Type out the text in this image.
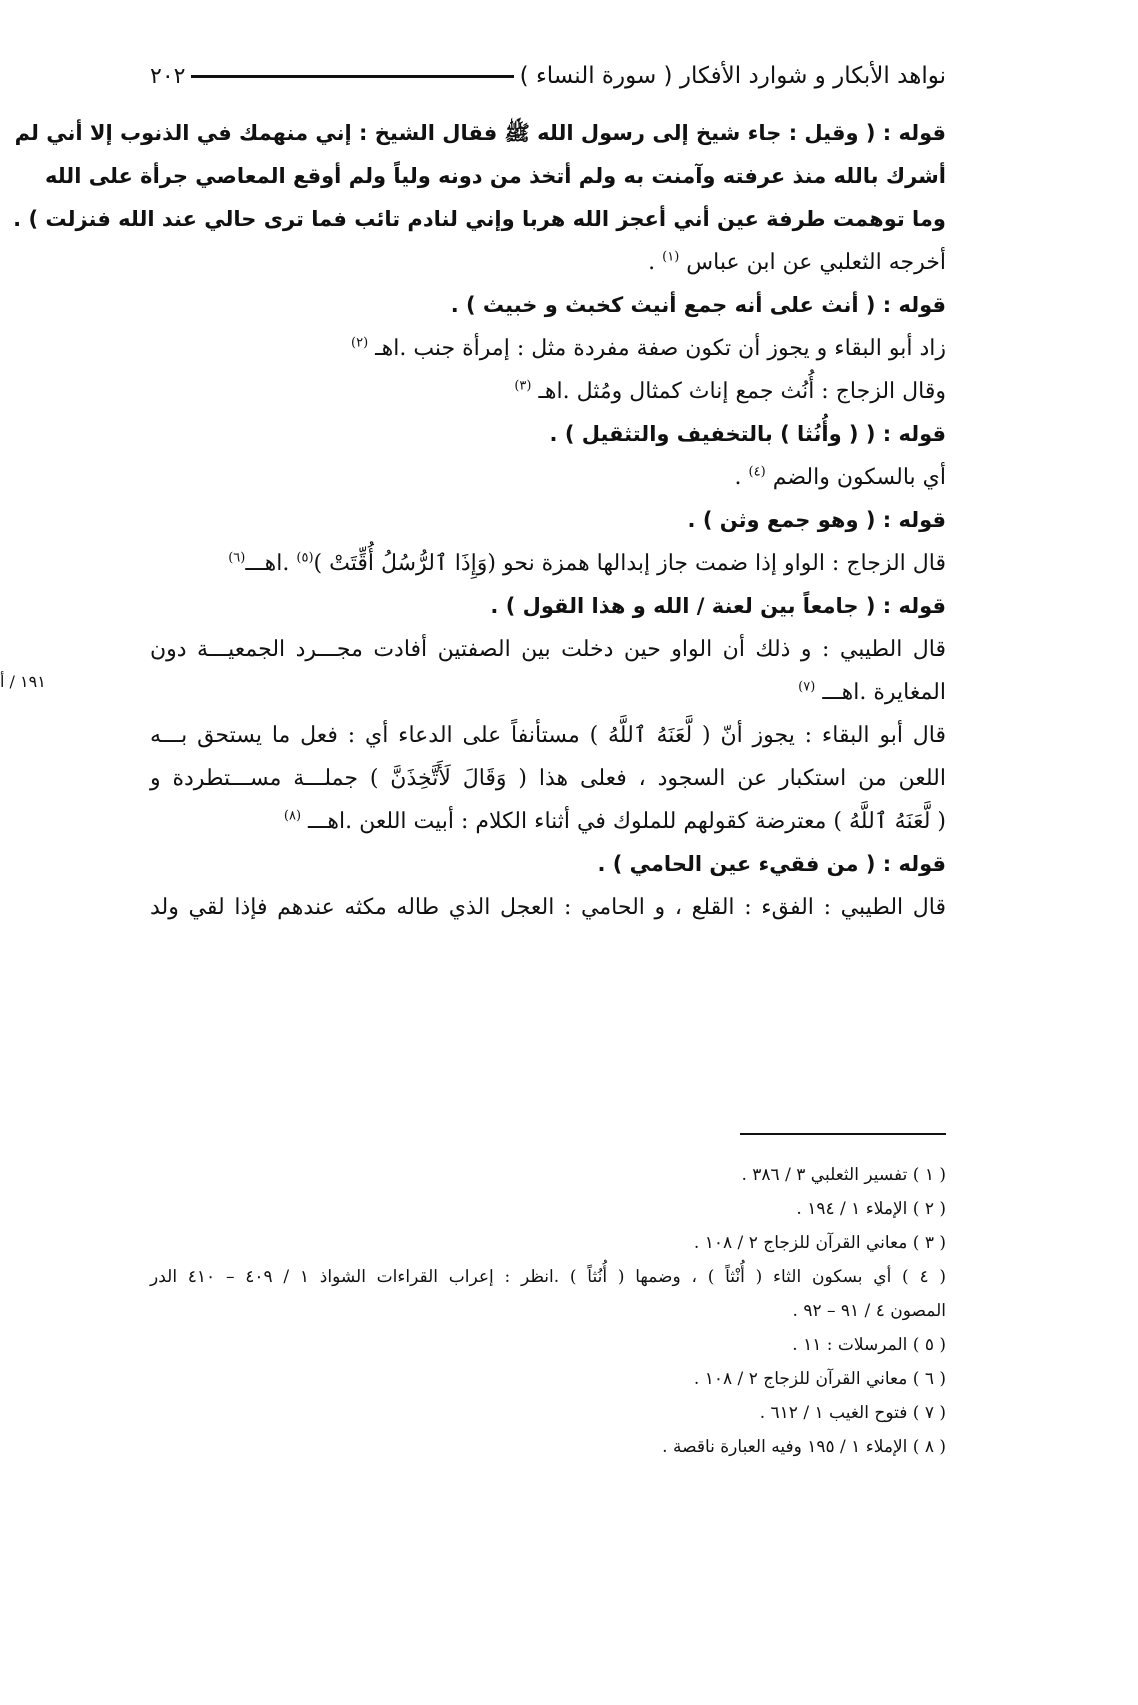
نواهد الأبكار و شوارد الأفكار ( سورة النساء )
٢٠٢
١٩١ / أ
قوله : ( وقيل : جاء شيخ إلى رسول الله ﷺ فقال الشيخ : إني منهمك في الذنوب إلا أني لم
أشرك بالله منذ عرفته وآمنت به ولم أتخذ من دونه ولياً ولم أوقع المعاصي جرأة على الله
وما توهمت طرفة عين أني أعجز الله هربا وإني لنادم تائب فما ترى حالي عند الله فنزلت ) .
أخرجه الثعلبي عن ابن عباس $^{(١)}$ .
قوله : ( أنث على أنه جمع أنيث كخبث و خبيث ) .
زاد أبو البقاء و يجوز أن تكون صفة مفردة مثل : إمرأة جنب .اهـ $^{(٢)}$
وقال الزجاج : أُنُث جمع إناث كمثال ومُثل .اهـ $^{(٣)}$
قوله : ( ( وأُنُثا ) بالتخفيف والتثقيل ) .
أي بالسكون والضم $^{(٤)}$ .
قوله : ( وهو جمع وثن ) .
قال الزجاج : الواو إذا ضمت جاز إبدالها همزة نحو (وَإِذَا ٱلرُّسُلُ أُقِّتَتْ )$^{(٥)}$ .اهـــ$^{(٦)}$
قوله : ( جامعاً بين لعنة / الله و هذا القول ) .
قال الطيبي : و ذلك أن الواو حين دخلت بين الصفتين أفادت مجـــرد الجمعيـــة دون
المغايرة .اهـــ $^{(٧)}$
قال أبو البقاء : يجوز أنّ ( لَّعَنَهُ ٱللَّهُ ) مستأنفاً على الدعاء أي : فعل ما يستحق بـــه
اللعن من استكبار عن السجود ، فعلى هذا ( وَقَالَ لَأَتَّخِذَنَّ ) جملـــة مســـتطردة و
( لَّعَنَهُ ٱللَّهُ ) معترضة كقولهم للملوك في أثناء الكلام : أبيت اللعن .اهـــ $^{(٨)}$
قوله : ( من فقيء عين الحامي ) .
قال الطيبي : الفقء : القلع ، و الحامي : العجل الذي طاله مكثه عندهم فإذا لقي ولد
( ١ ) تفسير الثعلبي ٣ / ٣٨٦ .
( ٢ ) الإملاء ١ / ١٩٤ .
( ٣ ) معاني القرآن للزجاج ٢ / ١٠٨ .
( ٤ ) أي بسكون الثاء ( أُنْثاً ) ، وضمها ( أُنُثاً ) .انظر : إعراب القراءات الشواذ ١ / ٤٠٩ – ٤١٠ الدر
المصون ٤ / ٩١ – ٩٢ .
( ٥ ) المرسلات : ١١ .
( ٦ ) معاني القرآن للزجاج ٢ / ١٠٨ .
( ٧ ) فتوح الغيب ١ / ٦١٢ .
( ٨ ) الإملاء ١ / ١٩٥ وفيه العبارة ناقصة .
